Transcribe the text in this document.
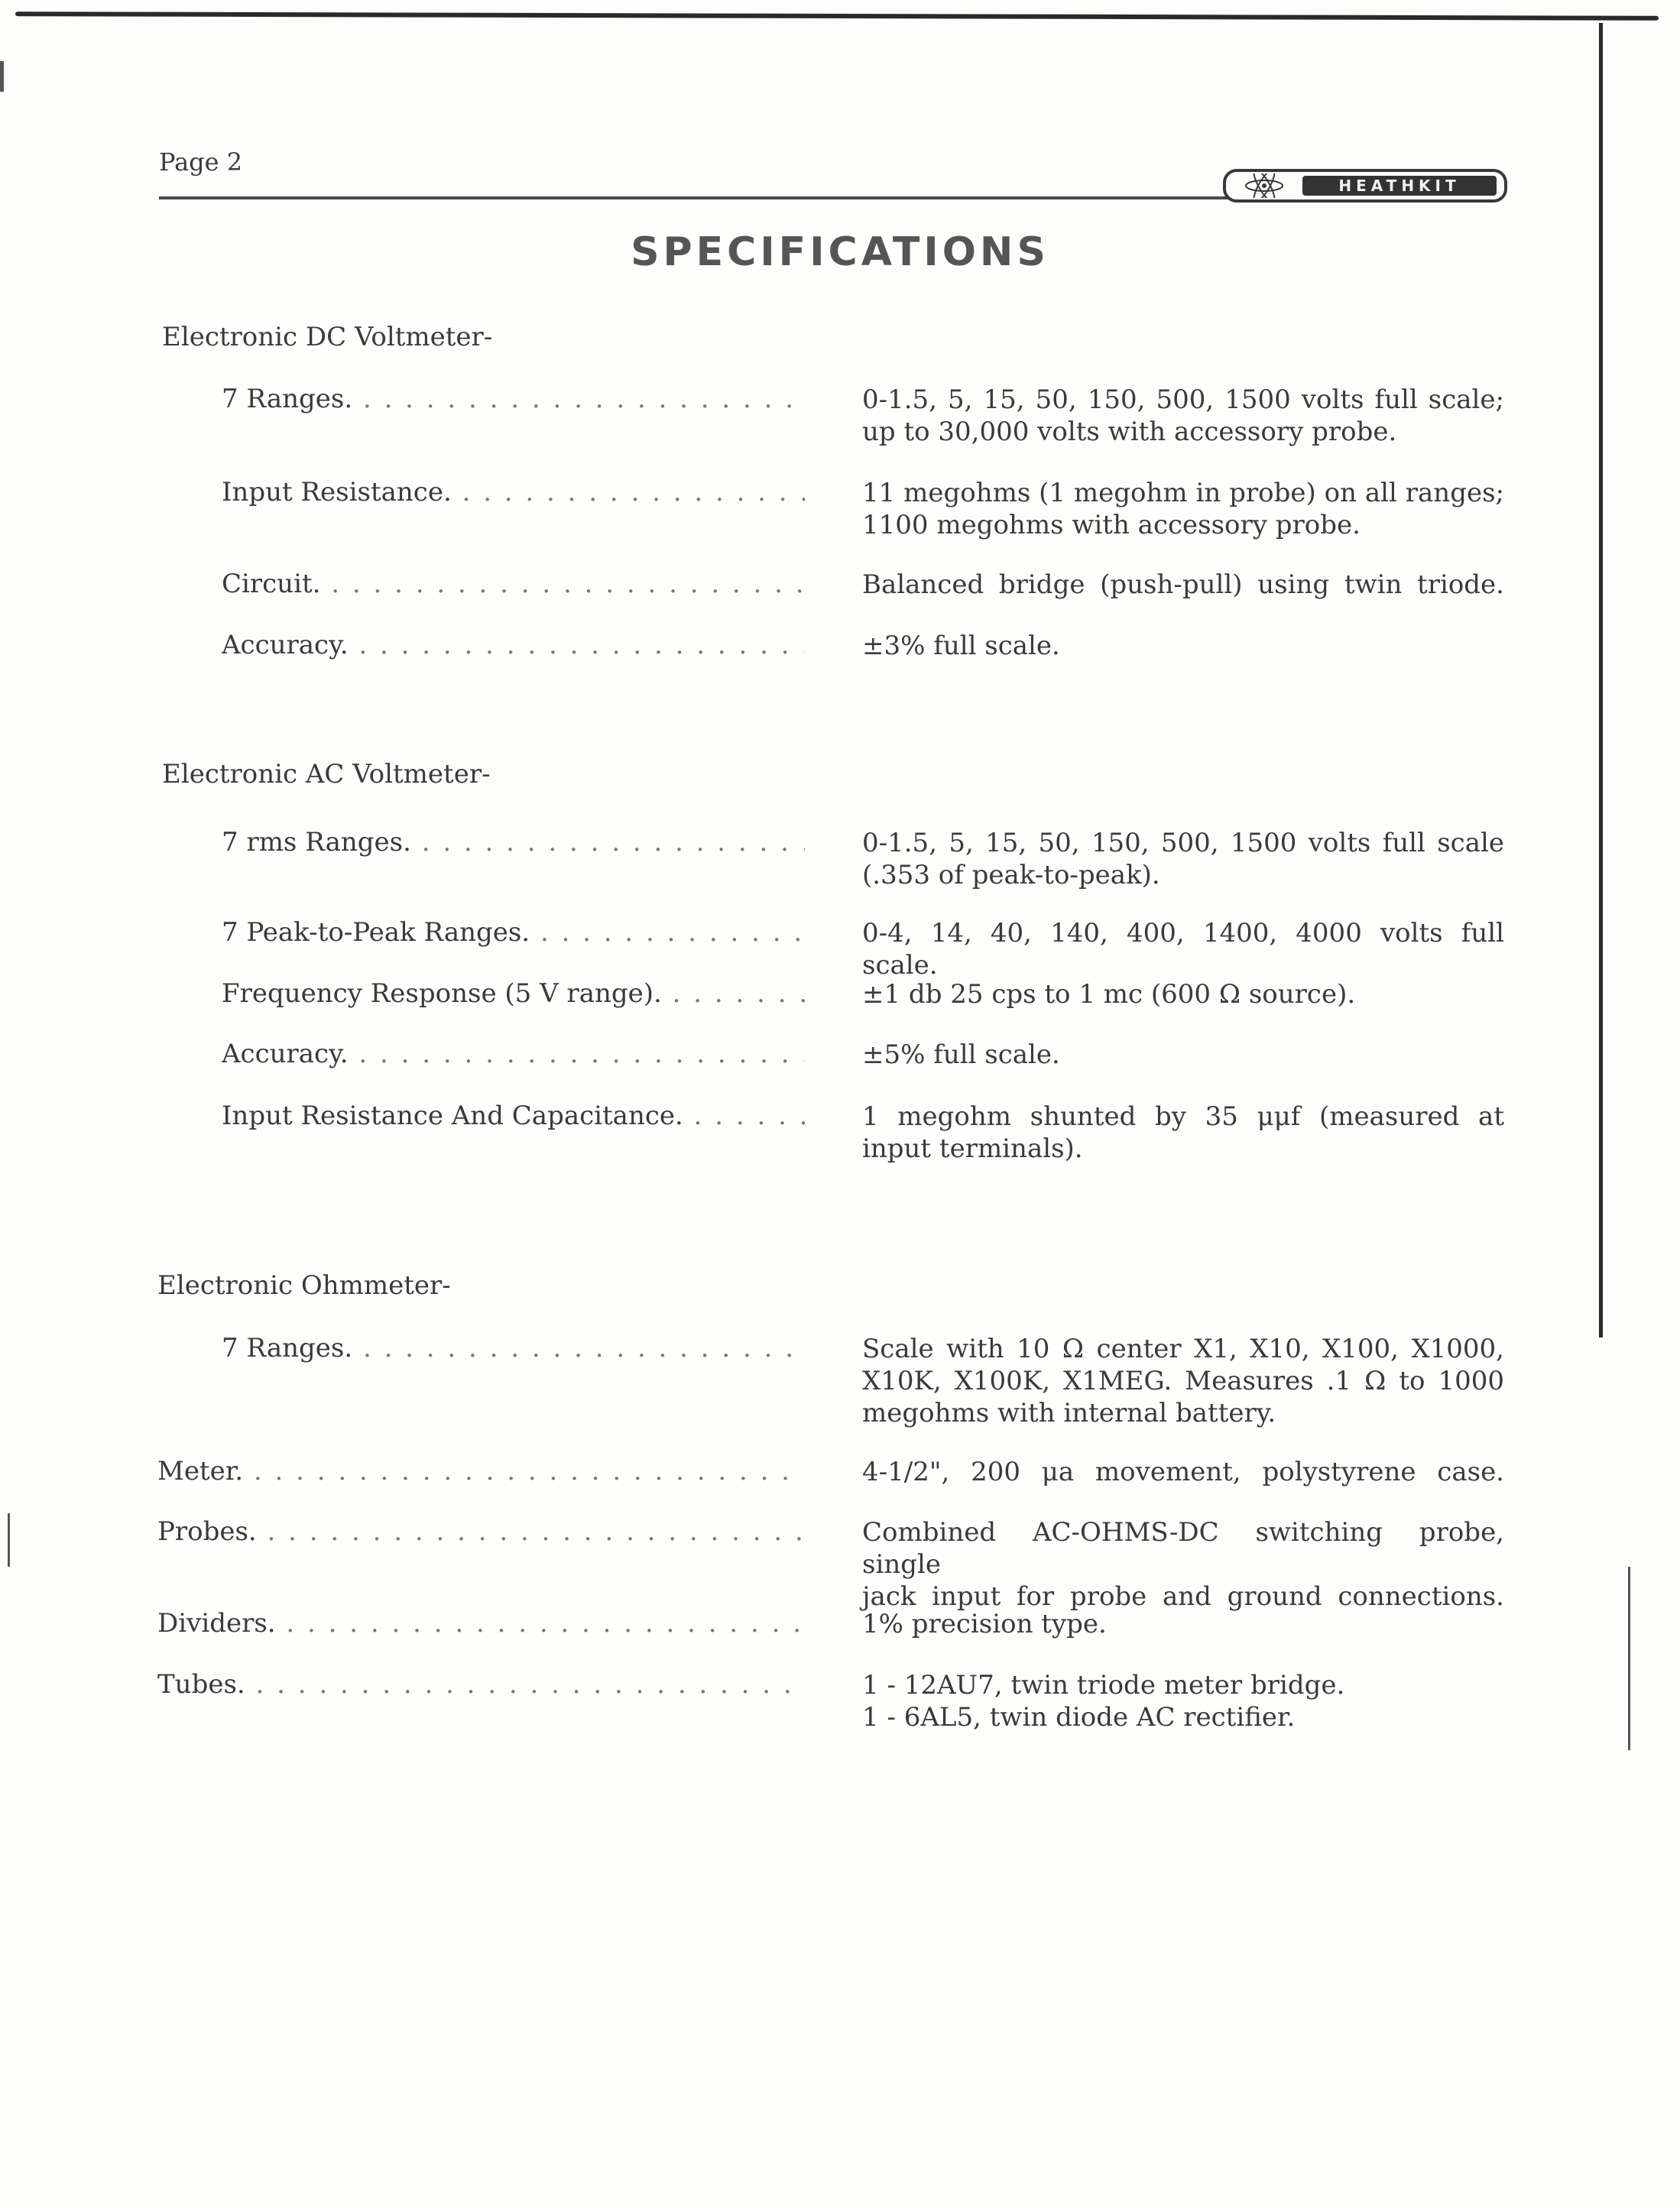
Page 2
HEATHKIT
SPECIFICATIONS
Electronic DC Voltmeter-
7 Ranges. . . .	0-1.5, 5, 15, 50, 150, 500, 1500 volts full scale;
up to 30,000 volts with accessory probe.
Input Resistance. . . .	11 megohms (1 megohm in probe) on all ranges;
1100 megohms with accessory probe.
Circuit. . . .	Balanced bridge (push-pull) using twin triode.
Accuracy. . . .	±3% full scale.
Electronic AC Voltmeter-
7 rms Ranges. . . .	0-1.5, 5, 15, 50, 150, 500, 1500 volts full scale
(.353 of peak-to-peak).
7 Peak-to-Peak Ranges. . . .	0-4, 14, 40, 140, 400, 1400, 4000 volts full scale.
Frequency Response (5 V range). . . .	±1 db 25 cps to 1 mc (600 Ω source).
Accuracy. . . .	±5% full scale.
Input Resistance And Capacitance. . . .	1 megohm shunted by 35 μμf (measured at
input terminals).
Electronic Ohmmeter-
7 Ranges. . . .	Scale with 10 Ω center X1, X10, X100, X1000,
X10K, X100K, X1MEG. Measures .1 Ω to 1000
megohms with internal battery.
Meter. . . .	4-1/2", 200 μa movement, polystyrene case.
Probes. . . .	Combined AC-OHMS-DC switching probe, single
jack input for probe and ground connections.
Dividers. . . .	1% precision type.
Tubes. . . .	1 - 12AU7, twin triode meter bridge.
1 - 6AL5, twin diode AC rectifier.
